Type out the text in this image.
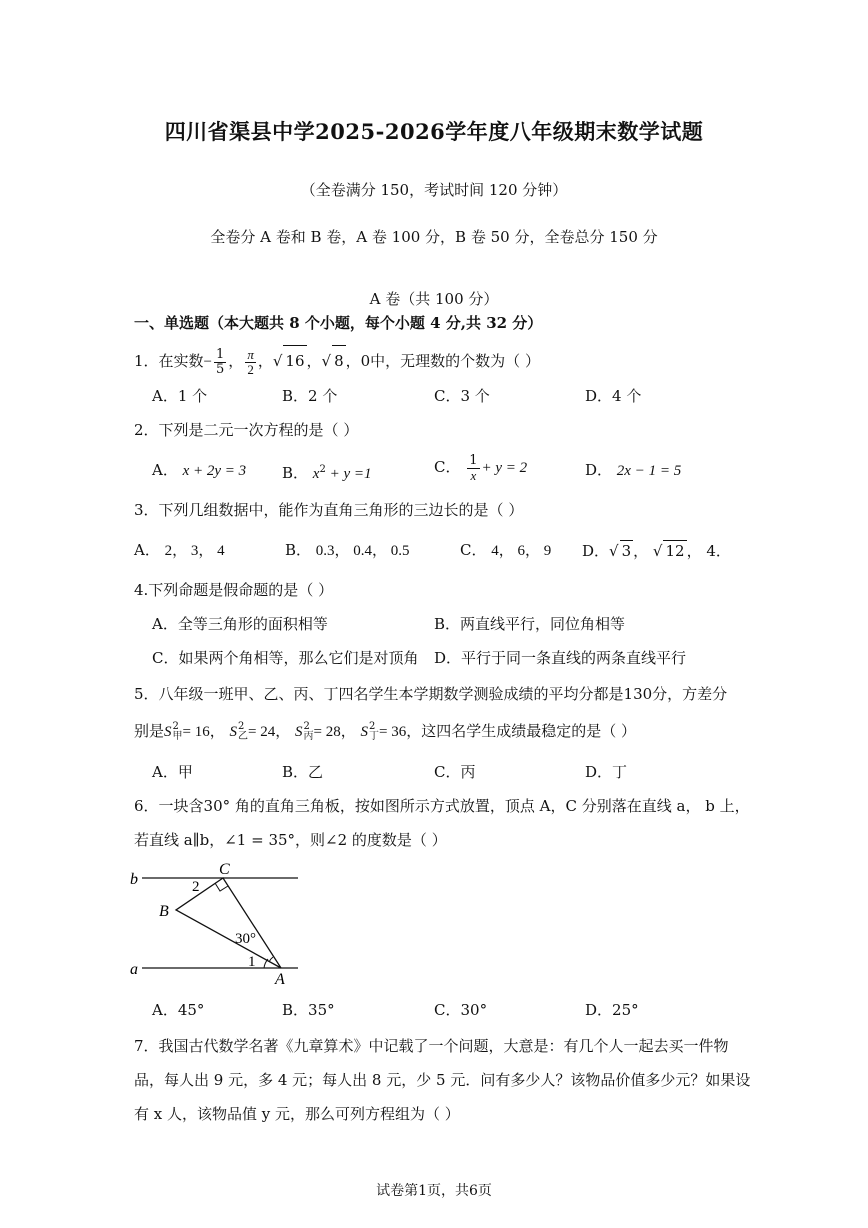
四川省渠县中学2025-2026学年度八年级期末数学试题
（全卷满分 150，考试时间 120 分钟）
全卷分 A 卷和 B 卷，A 卷 100 分，B 卷 50 分，全卷总分 150 分
A 卷（共 100 分）
一、单选题（本大题共 8 个小题，每个小题 4 分,共 32 分）
1．在实数− $\frac{1}{5}$ ， $\frac{\pi}{2}$ ，√ 16 ，√ 8 ，0中，无理数的个数为（ ）
A．1 个	B．2 个	C．3 个	D．4 个
2．下列是二元一次方程的是（ ）
A． x + 2y = 3 B． $x^2 + y =1$	C． $\frac{1}{x} + y = 2$	D． 2x − 1 = 5
3．下列几组数据中，能作为直角三角形的三边长的是（ ）
A． 2， 3， 4	B． 0.3， 0.4， 0.5	C． 4， 6， 9 D．√ 3 ， √ 12 ， 4．
4.下列命题是假命题的是（ ）
A．全等三角形的面积相等	B．两直线平行，同位角相等
C．如果两个角相等，那么它们是对顶角 D．平行于同一条直线的两条直线平行
5．八年级一班甲、乙、丙、丁四名学生本学期数学测验成绩的平均分都是130分，方差分
别是S 2
甲 = 16， S 2
乙 = 24， S 2
丙 = 28， S 2
丁 = 36，这四名学生成绩最稳定的是（ ）
A．甲	B．乙	C．丙	D．丁
6．一块含30° 角的直角三角板，按如图所示方式放置，顶点 A，C 分别落在直线 a， b 上，
若直线 a∥b，∠1 = 35°，则∠2 的度数是（ ）
b
a
C
B
A
2
1
30°
A．45°	B．35°	C．30°	D．25°
7．我国古代数学名著《九章算术》中记载了一个问题，大意是：有几个人一起去买一件物
品，每人出 9 元，多 4 元；每人出 8 元，少 5 元．问有多少人？该物品价值多少元？如果设
有 x 人，该物品值 y 元，那么可列方程组为（ ）
试卷第1页，共6页
